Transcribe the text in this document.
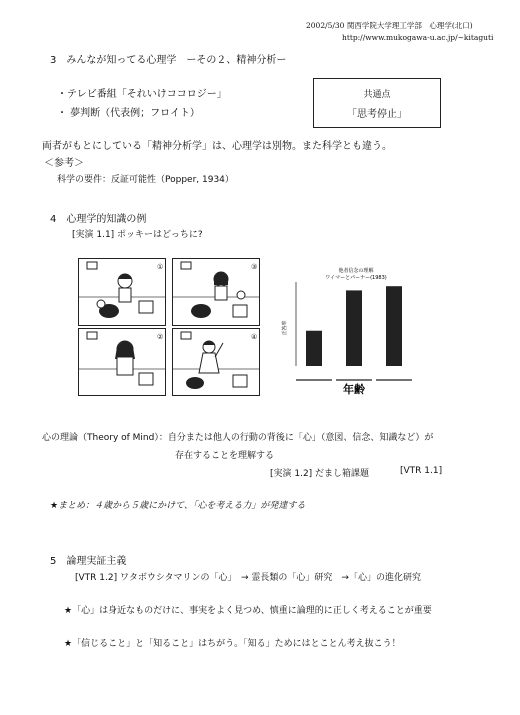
2002/5/30 関西学院大学理工学部　心理学(北口)
http://www.mukogawa-u.ac.jp/~kitaguti
3　みんなが知ってる心理学　ーその２、精神分析ー
・テレビ番組「それいけココロジー」
・ 夢判断（代表例；フロイト）
共通点
「思考停止」
両者がもとにしている「精神分析学」は、心理学は別物。また科学とも違う。
＜参考＞
科学の要件：反証可能性（Popper, 1934）
4　心理学的知識の例
[実演 1.1] ポッキーはどっちに?
①	③
②	④
他者信念の理解
ワイマーとパーナー(1983)
正答率
年齢
心の理論（Theory of Mind）：自分または他人の行動の背後に「心」（意図、信念、知識など）が
存在することを理解する
[実演 1.2] だまし箱課題	[VTR 1.1]
★まとめ：４歳から５歳にかけて、「心を考える力」が発達する
5　論理実証主義
[VTR 1.2] ワタボウシタマリンの「心」　→ 霊長類の「心」研究　→「心」の進化研究
★「心」は身近なものだけに、事実をよく見つめ、慎重に論理的に正しく考えることが重要
★「信じること」と「知ること」はちがう。「知る」ためにはとことん考え抜こう！
